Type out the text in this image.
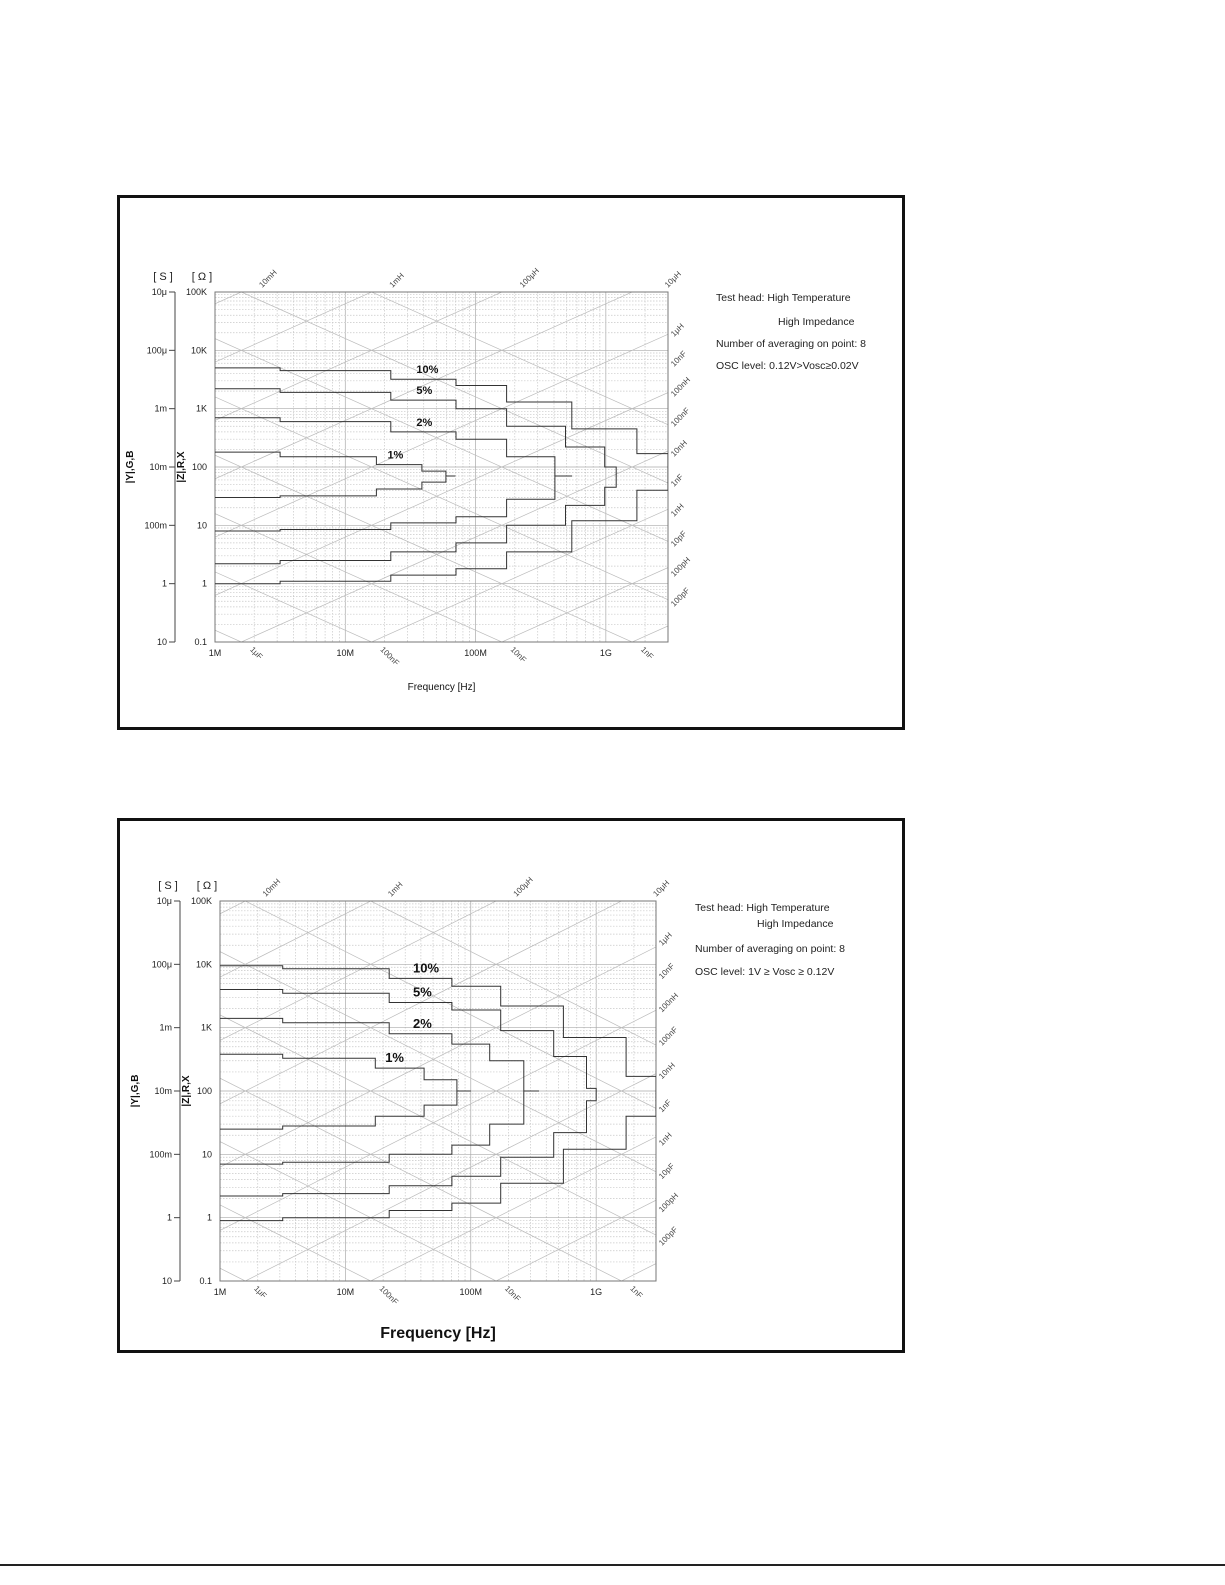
10%
5%
2%
1%
0.1
1
10
100
1K
10K
100K
10
1
100m
10m
1m
100μ
10μ
[ S ] [ Ω ]
|Y|,G,B	|Z|,R,X
1M	10M	100M	1G
1μF	100nF	10nF	1nF
10mH	1mH	100μH	10μH
1μH
10nF
100nH
100nF
10nH
1nF
1nH
10pF
100pH
100pF
Frequency [Hz]
Test head: High Temperature
High Impedance
Number of averaging on point: 8
OSC level: 0.12V>Vosc≥0.02V
10%
5%
2%
1%
0.1
1
10
100
1K
10K
100K
10
1
100m
10m
1m
100μ
10μ
[ S ] [ Ω ]
|Y|,G,B	|Z|,R,X
1M	10M	100M	1G
1μF	100nF	10nF	1nF
10mH	1mH	100μH	10μH
1μH
10nF
100nH
100nF
10nH
1nF
1nH
10pF
100pH
100pF
Frequency [Hz]
Test head: High Temperature
High Impedance
Number of averaging on point: 8
OSC level: 1V ≥ Vosc ≥ 0.12V
